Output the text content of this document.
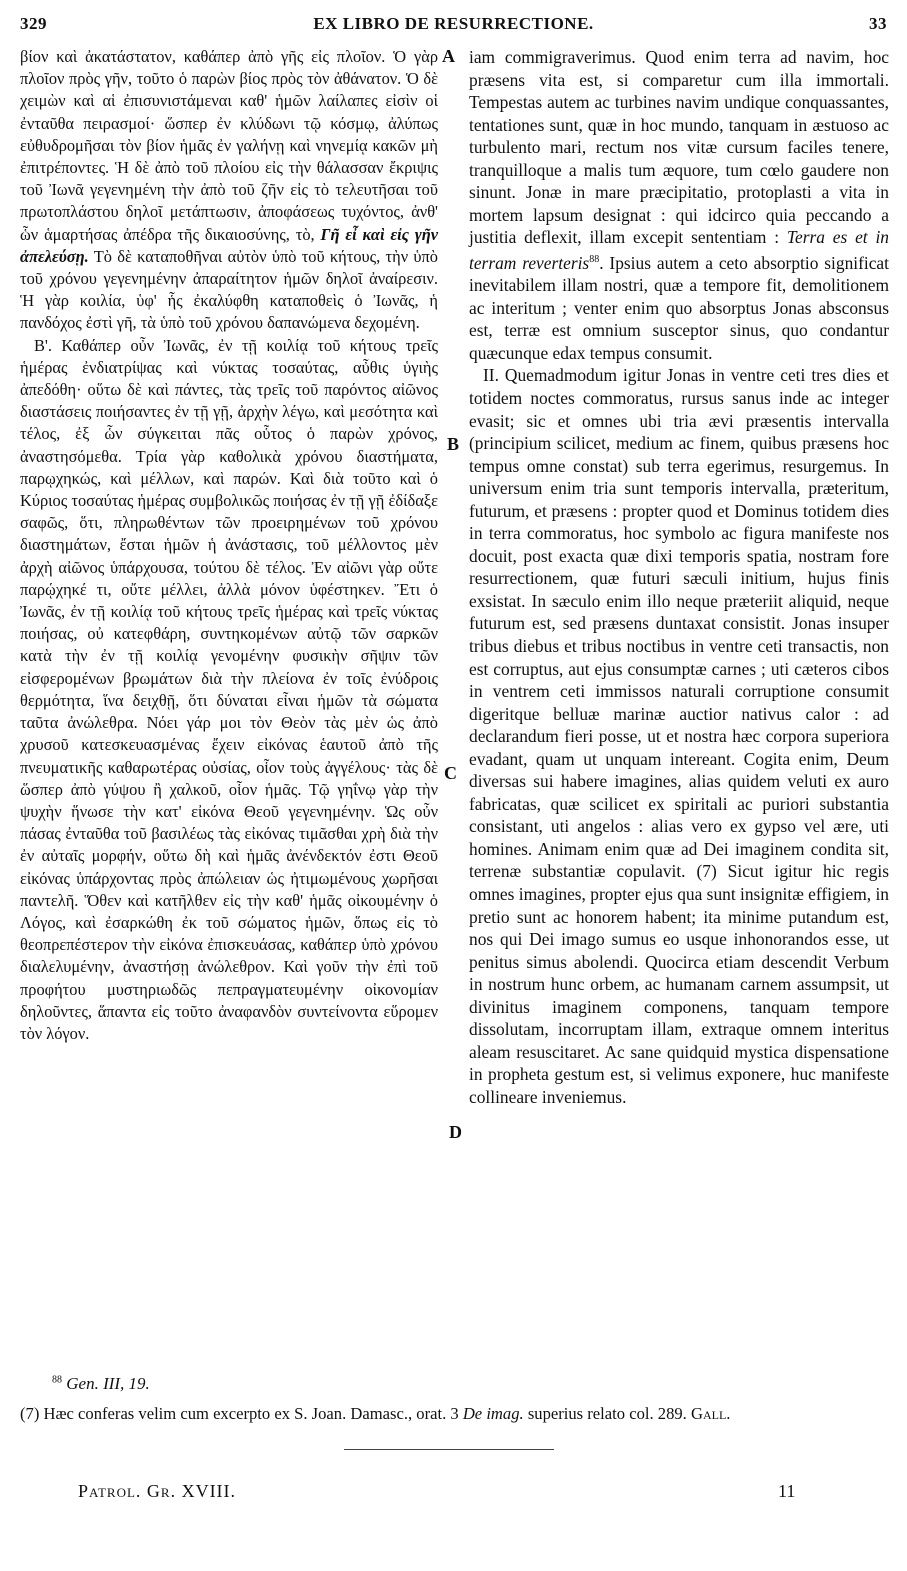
329	EX LIBRO DE RESURRECTIONE.	33

βίον καὶ ἀκατάστατον, καθάπερ ἀπὸ γῆς εἰς πλοῖον. Ὁ γὰρ πλοῖον πρὸς γῆν, τοῦτο ὁ παρὼν βίος πρὸς τὸν ἀθάνατον. Ὁ δὲ χειμὼν καὶ αἱ ἐπισυνιστάμεναι καθ' ἡμῶν λαίλαπες εἰσὶν οἱ ἐνταῦθα πειρασμοί· ὥσπερ ἐν κλύδωνι τῷ κόσμῳ, ἀλύπως εὐθυδρομῆσαι τὸν βίον ἡμᾶς ἐν γαλήνῃ καὶ νηνεμίᾳ κακῶν μὴ ἐπιτρέποντες. Ἡ δὲ ἀπὸ τοῦ πλοίου εἰς τὴν θάλασσαν ἔκριψις τοῦ Ἰωνᾶ γεγενημένη τὴν ἀπὸ τοῦ ζῆν εἰς τὸ τελευτῆσαι τοῦ πρωτοπλάστου δηλοῖ μετάπτωσιν, ἀποφάσεως τυχόντος, ἀνθ' ὧν ἁμαρτήσας ἀπέδρα τῆς δικαιοσύνης, τὸ, Γῆ εἶ καὶ εἰς γῆν ἀπελεύσῃ. Τὸ δὲ καταποθῆναι αὐτὸν ὑπὸ τοῦ κήτους, τὴν ὑπὸ τοῦ χρόνου γεγενημένην ἀπαραίτητον ἡμῶν δηλοῖ ἀναίρεσιν. Ἡ γὰρ κοιλία, ὑφ' ἧς ἐκαλύφθη καταποθεὶς ὁ Ἰωνᾶς, ἡ πανδόχος ἐστὶ γῆ, τὰ ὑπὸ τοῦ χρόνου δαπανώμενα δεχομένη.

Β'. Καθάπερ οὖν Ἰωνᾶς, ἐν τῇ κοιλίᾳ τοῦ κήτους τρεῖς ἡμέρας ἐνδιατρίψας καὶ νύκτας τοσαύτας, αὖθις ὑγιὴς ἀπεδόθη· οὕτω δὲ καὶ πάντες, τὰς τρεῖς τοῦ παρόντος αἰῶνος διαστάσεις ποιήσαντες ἐν τῇ γῇ, ἀρχὴν λέγω, καὶ μεσότητα καὶ τέλος, ἐξ ὧν σύγκειται πᾶς οὗτος ὁ παρὼν χρόνος, ἀναστησόμεθα. Τρία γὰρ καθολικὰ χρόνου διαστήματα, παρῳχηκώς, καὶ μέλλων, καὶ παρών. Καὶ διὰ τοῦτο καὶ ὁ Κύριος τοσαύτας ἡμέρας συμβολικῶς ποιήσας ἐν τῇ γῇ ἐδίδαξε σαφῶς, ὅτι, πληρωθέντων τῶν προειρημένων τοῦ χρόνου διαστημάτων, ἔσται ἡμῶν ἡ ἀνάστασις, τοῦ μέλλοντος μὲν ἀρχὴ αἰῶνος ὑπάρχουσα, τούτου δὲ τέλος. Ἐν αἰῶνι γὰρ οὔτε παρῴχηκέ τι, οὔτε μέλλει, ἀλλὰ μόνον ὑφέστηκεν. Ἔτι ὁ Ἰωνᾶς, ἐν τῇ κοιλίᾳ τοῦ κήτους τρεῖς ἡμέρας καὶ τρεῖς νύκτας ποιήσας, οὐ κατεφθάρη, συντηκομένων αὐτῷ τῶν σαρκῶν κατὰ τὴν ἐν τῇ κοιλίᾳ γενομένην φυσικὴν σῆψιν τῶν εἰσφερομένων βρωμάτων διὰ τὴν πλείονα ἐν τοῖς ἐνύδροις θερμότητα, ἵνα δειχθῇ, ὅτι δύναται εἶναι ἡμῶν τὰ σώματα ταῦτα ἀνώλεθρα. Νόει γάρ μοι τὸν Θεὸν τὰς μὲν ὡς ἀπὸ χρυσοῦ κατεσκευασμένας ἔχειν εἰκόνας ἑαυτοῦ ἀπὸ τῆς πνευματικῆς καθαρωτέρας οὐσίας, οἷον τοὺς ἀγγέλους· τὰς δὲ ὥσπερ ἀπὸ γύψου ἢ χαλκοῦ, οἷον ἡμᾶς. Τῷ γηΐνῳ γὰρ τὴν ψυχὴν ἥνωσε τὴν κατ' εἰκόνα Θεοῦ γεγενημένην. Ὡς οὖν πάσας ἐνταῦθα τοῦ βασιλέως τὰς εἰκόνας τιμᾶσθαι χρὴ διὰ τὴν ἐν αὐταῖς μορφήν, οὕτω δὴ καὶ ἡμᾶς ἀνένδεκτόν ἐστι Θεοῦ εἰκόνας ὑπάρχοντας πρὸς ἀπώλειαν ὡς ἠτιμωμένους χωρῆσαι παντελῆ. Ὅθεν καὶ κατῆλθεν εἰς τὴν καθ' ἡμᾶς οἰκουμένην ὁ Λόγος, καὶ ἐσαρκώθη ἐκ τοῦ σώματος ἡμῶν, ὅπως εἰς τὸ θεοπρεπέστερον τὴν εἰκόνα ἐπισκευάσας, καθάπερ ὑπὸ χρόνου διαλελυμένην, ἀναστήσῃ ἀνώλεθρον. Καὶ γοῦν τὴν ἐπὶ τοῦ προφήτου μυστηριωδῶς πεπραγματευμένην οἰκονομίαν δηλοῦντες, ἅπαντα εἰς τοῦτο ἀναφανδὸν συντείνοντα εὕρομεν τὸν λόγον.

iam commigraverimus. Quod enim terra ad navim, hoc præsens vita est, si comparetur cum illa immortali. Tempestas autem ac turbines navim undique conquassantes, tentationes sunt, quæ in hoc mundo, tanquam in æstuoso ac turbulento mari, rectum nos vitæ cursum faciles tenere, tranquilloque a malis tum æquore, tum cœlo gaudere non sinunt. Jonæ in mare præcipitatio, protoplasti a vita in mortem lapsum designat : qui idcirco quia peccando a justitia deflexit, illam excepit sententiam : Terra es et in terram reverteris$^{88}$. Ipsius autem a ceto absorptio significat inevitabilem illam nostri, quæ a tempore fit, demolitionem ac interitum ; venter enim quo absorptus Jonas absconsus est, terræ est omnium susceptor sinus, quo condantur quæcunque edax tempus consumit.

II. Quemadmodum igitur Jonas in ventre ceti tres dies et totidem noctes commoratus, rursus sanus inde ac integer evasit; sic et omnes ubi tria ævi præsentis intervalla (principium scilicet, medium ac finem, quibus præsens hoc tempus omne constat) sub terra egerimus, resurgemus. In universum enim tria sunt temporis intervalla, præteritum, futurum, et præsens : propter quod et Dominus totidem dies in terra commoratus, hoc symbolo ac figura manifeste nos docuit, post exacta quæ dixi temporis spatia, nostram fore resurrectionem, quæ futuri sæculi initium, hujus finis exsistat. In sæculo enim illo neque præteriit aliquid, neque futurum est, sed præsens duntaxat consistit. Jonas insuper tribus diebus et tribus noctibus in ventre ceti transactis, non est corruptus, aut ejus consumptæ carnes ; uti cæteros cibos in ventrem ceti immissos naturali corruptione consumit digeritque belluæ marinæ auctior nativus calor : ad declarandum fieri posse, ut et nostra hæc corpora superiora evadant, quam ut unquam intereant. Cogita enim, Deum diversas sui habere imagines, alias quidem veluti ex auro fabricatas, quæ scilicet ex spiritali ac puriori substantia consistant, uti angelos : alias vero ex gypso vel ære, uti homines. Animam enim quæ ad Dei imaginem condita sit, terrenæ substantiæ copulavit. (7) Sicut igitur hic regis omnes imagines, propter ejus qua sunt insignitæ effigiem, in pretio sunt ac honorem habent; ita minime putandum est, nos qui Dei imago sumus eo usque inhonorandos esse, ut penitus simus abolendi. Quocirca etiam descendit Verbum in nostrum hunc orbem, ac humanam carnem assumpsit, ut divinitus imaginem componens, tanquam tempore dissolutam, incorruptam illam, extraque omnem interitus aleam resuscitaret. Ac sane quidquid mystica dispensatione in propheta gestum est, si velimus exponere, huc manifeste collineare inveniemus.

A
B
C
D
$^{88}$ Gen. III, 19.
(7) Hæc conferas velim cum excerpto ex S. Joan. Damasc., orat. 3 De imag. superius relato col. 289. Gall.
Patrol. Gr. XVIII.	11
